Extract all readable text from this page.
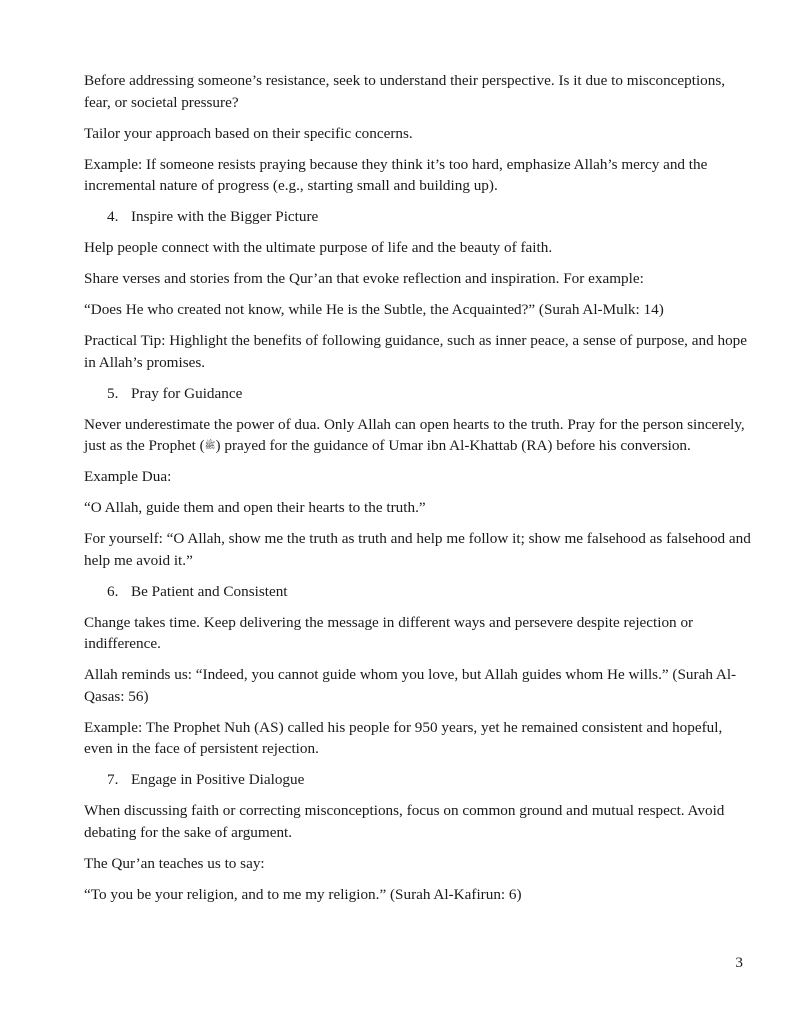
Before addressing someone’s resistance, seek to understand their perspective. Is it due to misconceptions, fear, or societal pressure?

Tailor your approach based on their specific concerns.

Example: If someone resists praying because they think it’s too hard, emphasize Allah’s mercy and the incremental nature of progress (e.g., starting small and building up).

4. Inspire with the Bigger Picture

Help people connect with the ultimate purpose of life and the beauty of faith.

Share verses and stories from the Qur’an that evoke reflection and inspiration. For example:

“Does He who created not know, while He is the Subtle, the Acquainted?” (Surah Al-Mulk: 14)

Practical Tip: Highlight the benefits of following guidance, such as inner peace, a sense of purpose, and hope in Allah’s promises.

5. Pray for Guidance

Never underestimate the power of dua. Only Allah can open hearts to the truth. Pray for the person sincerely, just as the Prophet (ﷺ) prayed for the guidance of Umar ibn Al-Khattab (RA) before his conversion.

Example Dua:

“O Allah, guide them and open their hearts to the truth.”

For yourself: “O Allah, show me the truth as truth and help me follow it; show me falsehood as falsehood and help me avoid it.”

6. Be Patient and Consistent

Change takes time. Keep delivering the message in different ways and persevere despite rejection or indifference.

Allah reminds us: “Indeed, you cannot guide whom you love, but Allah guides whom He wills.” (Surah Al-Qasas: 56)

Example: The Prophet Nuh (AS) called his people for 950 years, yet he remained consistent and hopeful, even in the face of persistent rejection.

7. Engage in Positive Dialogue

When discussing faith or correcting misconceptions, focus on common ground and mutual respect. Avoid debating for the sake of argument.

The Qur’an teaches us to say:

“To you be your religion, and to me my religion.” (Surah Al-Kafirun: 6)

3
